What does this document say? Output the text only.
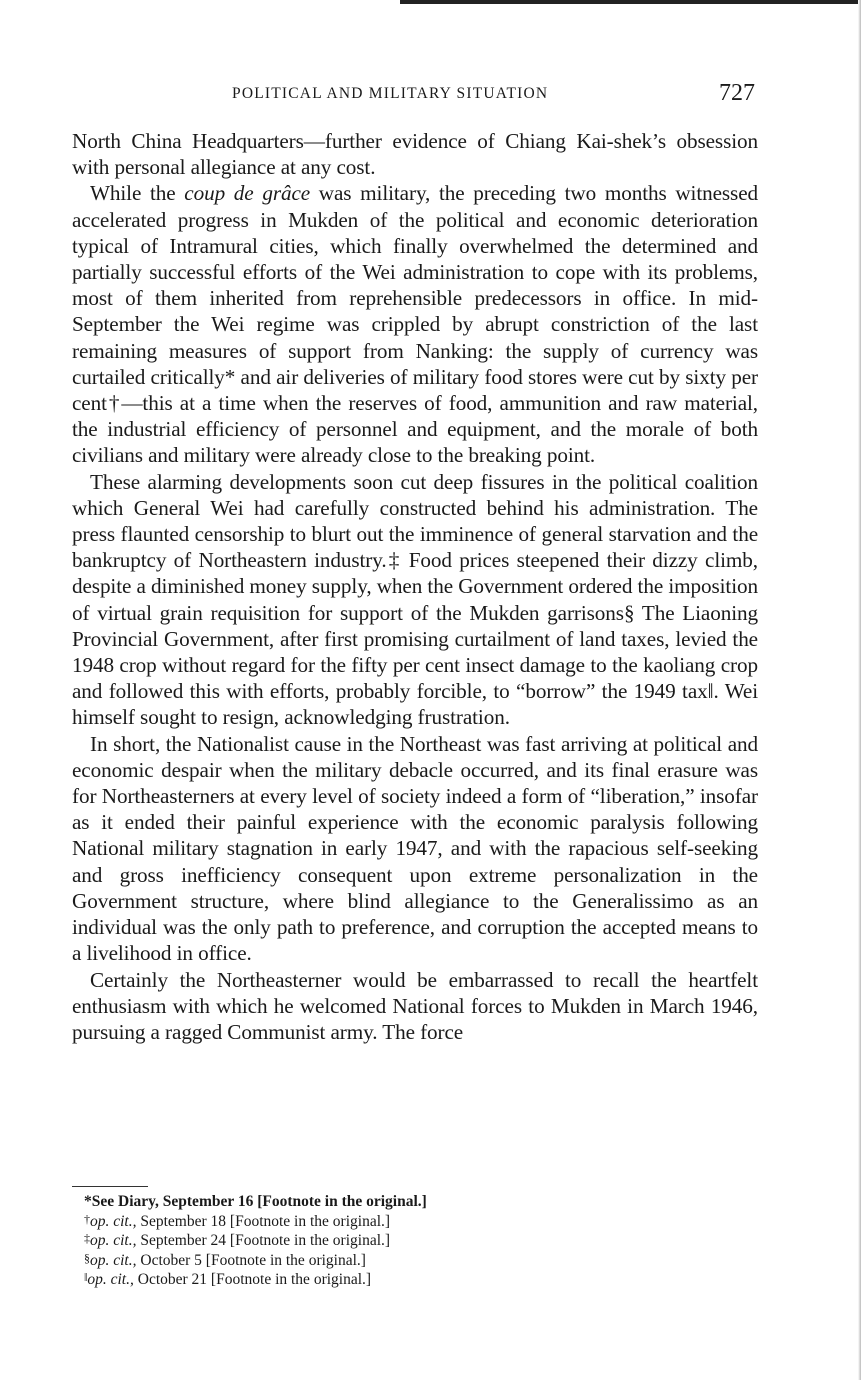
POLITICAL AND MILITARY SITUATION	727

North China Headquarters—further evidence of Chiang Kai-shek’s obsession with personal allegiance at any cost.

While the coup de grâce was military, the preceding two months witnessed accelerated progress in Mukden of the political and economic deterioration typical of Intramural cities, which finally overwhelmed the determined and partially successful efforts of the Wei administration to cope with its problems, most of them inherited from reprehensible predecessors in office. In mid-September the Wei regime was crippled by abrupt constriction of the last remaining measures of support from Nanking: the supply of currency was curtailed critically* and air deliveries of military food stores were cut by sixty per cent†—this at a time when the reserves of food, ammunition and raw material, the industrial efficiency of personnel and equipment, and the morale of both civilians and military were already close to the breaking point.

These alarming developments soon cut deep fissures in the political coalition which General Wei had carefully constructed behind his administration. The press flaunted censorship to blurt out the imminence of general starvation and the bankruptcy of Northeastern industry.‡ Food prices steepened their dizzy climb, despite a diminished money supply, when the Government ordered the imposition of virtual grain requisition for support of the Mukden garrisons§ The Liaoning Provincial Government, after first promising curtailment of land taxes, levied the 1948 crop without regard for the fifty per cent insect damage to the kaoliang crop and followed this with efforts, probably forcible, to “borrow” the 1949 tax‖. Wei himself sought to resign, acknowledging frustration.

In short, the Nationalist cause in the Northeast was fast arriving at political and economic despair when the military debacle occurred, and its final erasure was for Northeasterners at every level of society indeed a form of “liberation,” insofar as it ended their painful experience with the economic paralysis following National military stagnation in early 1947, and with the rapacious self-seeking and gross inefficiency consequent upon extreme personalization in the Government structure, where blind allegiance to the Generalissimo as an individual was the only path to preference, and corruption the accepted means to a livelihood in office.

Certainly the Northeasterner would be embarrassed to recall the heartfelt enthusiasm with which he welcomed National forces to Mukden in March 1946, pursuing a ragged Communist army. The force

*See Diary, September 16 [Footnote in the original.]
†op. cit., September 18 [Footnote in the original.]
‡op. cit., September 24 [Footnote in the original.]
§op. cit., October 5 [Footnote in the original.]
‖op. cit., October 21 [Footnote in the original.]
